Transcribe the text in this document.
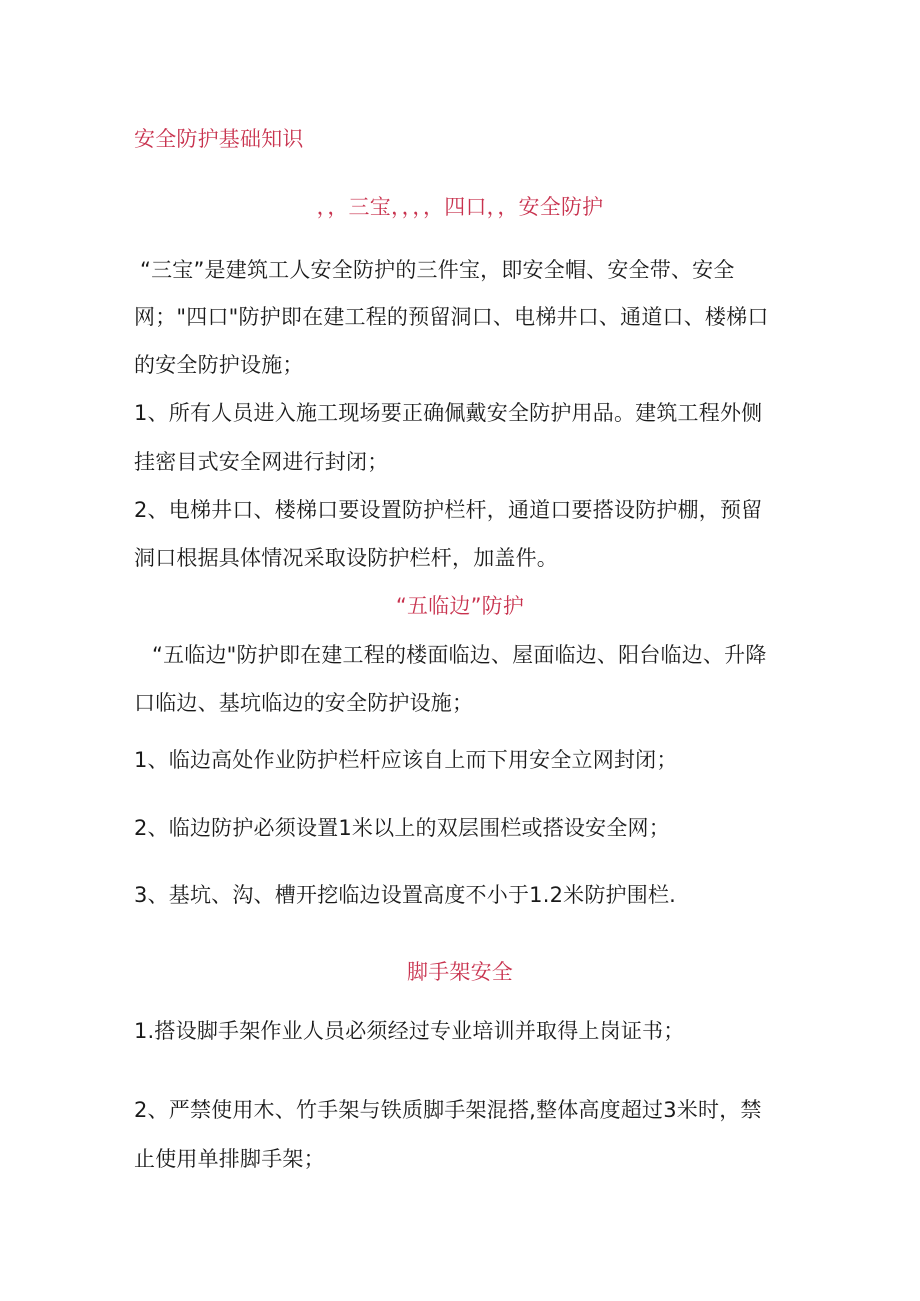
安全防护基础知识
，，三宝，，，，四口，，安全防护
“三宝”是建筑工人安全防护的三件宝，即安全帽、安全带、安全
网；"四口"防护即在建工程的预留洞口、电梯井口、通道口、楼梯口
的安全防护设施；
1、所有人员进入施工现场要正确佩戴安全防护用品。建筑工程外侧
挂密目式安全网进行封闭；
2、电梯井口、楼梯口要设置防护栏杆，通道口要搭设防护棚，预留
洞口根据具体情况采取设防护栏杆，加盖件。
“五临边”防护
“五临边"防护即在建工程的楼面临边、屋面临边、阳台临边、升降
口临边、基坑临边的安全防护设施；
1、临边高处作业防护栏杆应该自上而下用安全立网封闭；
2、临边防护必须设置1米以上的双层围栏或搭设安全网；
3、基坑、沟、槽开挖临边设置高度不小于1.2米防护围栏.
脚手架安全
1.搭设脚手架作业人员必须经过专业培训并取得上岗证书；
2、严禁使用木、竹手架与铁质脚手架混搭,整体高度超过3米时，禁
止使用单排脚手架；
